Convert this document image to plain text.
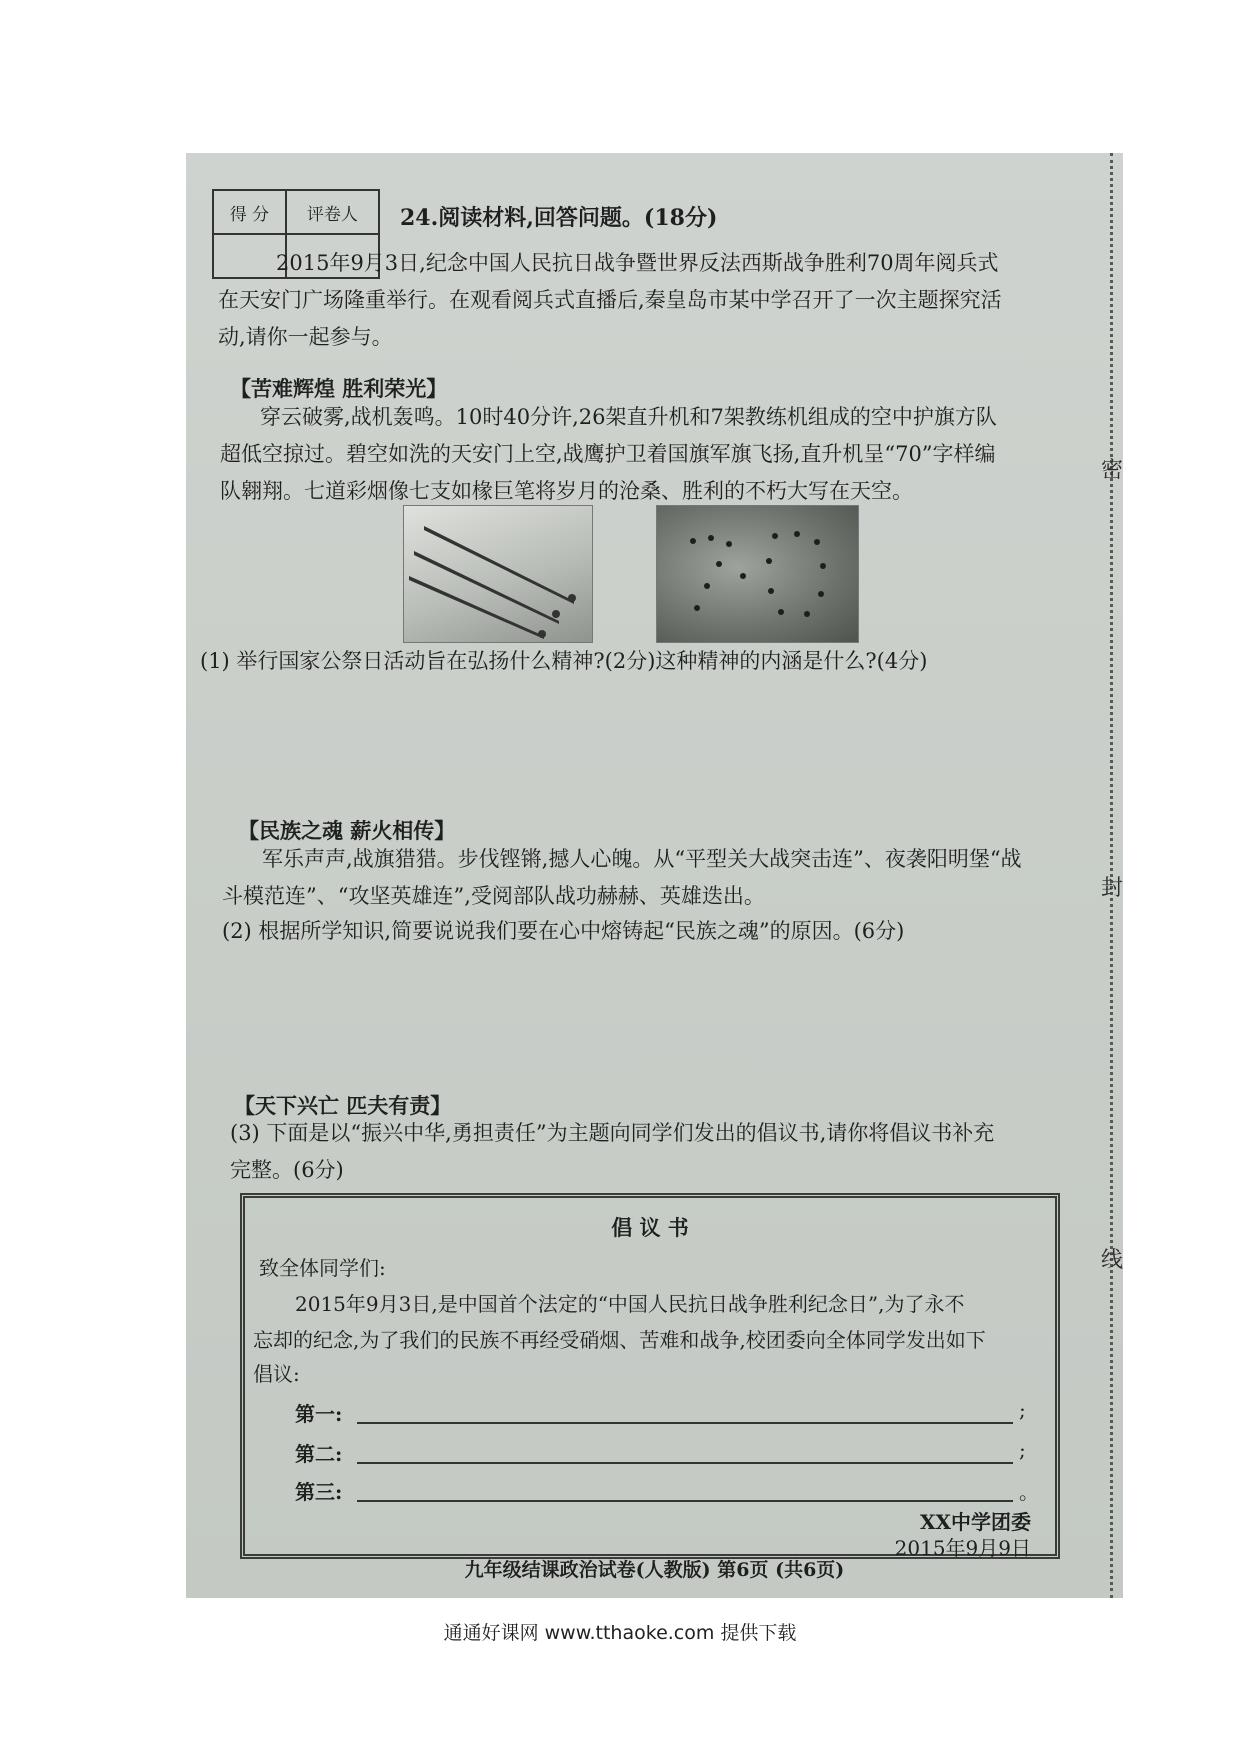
密
封
线
得 分	评卷人
	24.阅读材料,回答问题。(18分)
2015年9月3日,纪念中国人民抗日战争暨世界反法西斯战争胜利70周年阅兵式
在天安门广场隆重举行。在观看阅兵式直播后,秦皇岛市某中学召开了一次主题探究活
动,请你一起参与。
【苦难辉煌 胜利荣光】
穿云破雾,战机轰鸣。10时40分许,26架直升机和7架教练机组成的空中护旗方队
超低空掠过。碧空如洗的天安门上空,战鹰护卫着国旗军旗飞扬,直升机呈“70”字样编
队翱翔。七道彩烟像七支如椽巨笔将岁月的沧桑、胜利的不朽大写在天空。
(1) 举行国家公祭日活动旨在弘扬什么精神?(2分)这种精神的内涵是什么?(4分)
【民族之魂 薪火相传】
军乐声声,战旗猎猎。步伐铿锵,撼人心魄。从“平型关大战突击连”、夜袭阳明堡“战
斗模范连”、“攻坚英雄连”,受阅部队战功赫赫、英雄迭出。
(2) 根据所学知识,简要说说我们要在心中熔铸起“民族之魂”的原因。(6分)
【天下兴亡 匹夫有责】
(3) 下面是以“振兴中华,勇担责任”为主题向同学们发出的倡议书,请你将倡议书补充
完整。(6分)
倡 议 书
致全体同学们:
2015年9月3日,是中国首个法定的“中国人民抗日战争胜利纪念日”,为了永不
忘却的纪念,为了我们的民族不再经受硝烟、苦难和战争,校团委向全体同学发出如下
倡议:
第一:	;
第二:	;
第三:	。
XX中学团委
2015年9月9日
九年级结课政治试卷(人教版) 第6页 (共6页)
通通好课网 www.tthaoke.com 提供下载
